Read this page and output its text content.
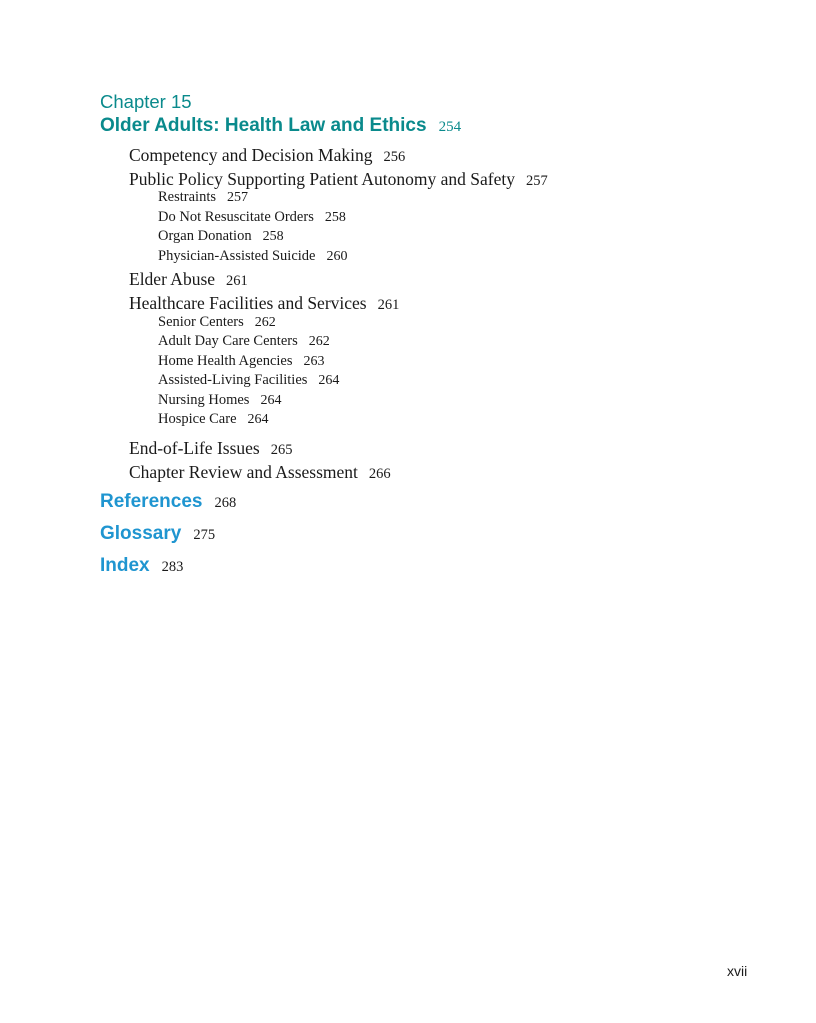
Chapter 15
Older Adults: Health Law and Ethics 254
Competency and Decision Making 256
Public Policy Supporting Patient Autonomy and Safety 257
Restraints 257
Do Not Resuscitate Orders 258
Organ Donation 258
Physician-Assisted Suicide 260
Elder Abuse 261
Healthcare Facilities and Services 261
Senior Centers 262
Adult Day Care Centers 262
Home Health Agencies 263
Assisted-Living Facilities 264
Nursing Homes 264
Hospice Care 264
End-of-Life Issues 265
Chapter Review and Assessment 266
References 268
Glossary 275
Index 283
xvii
